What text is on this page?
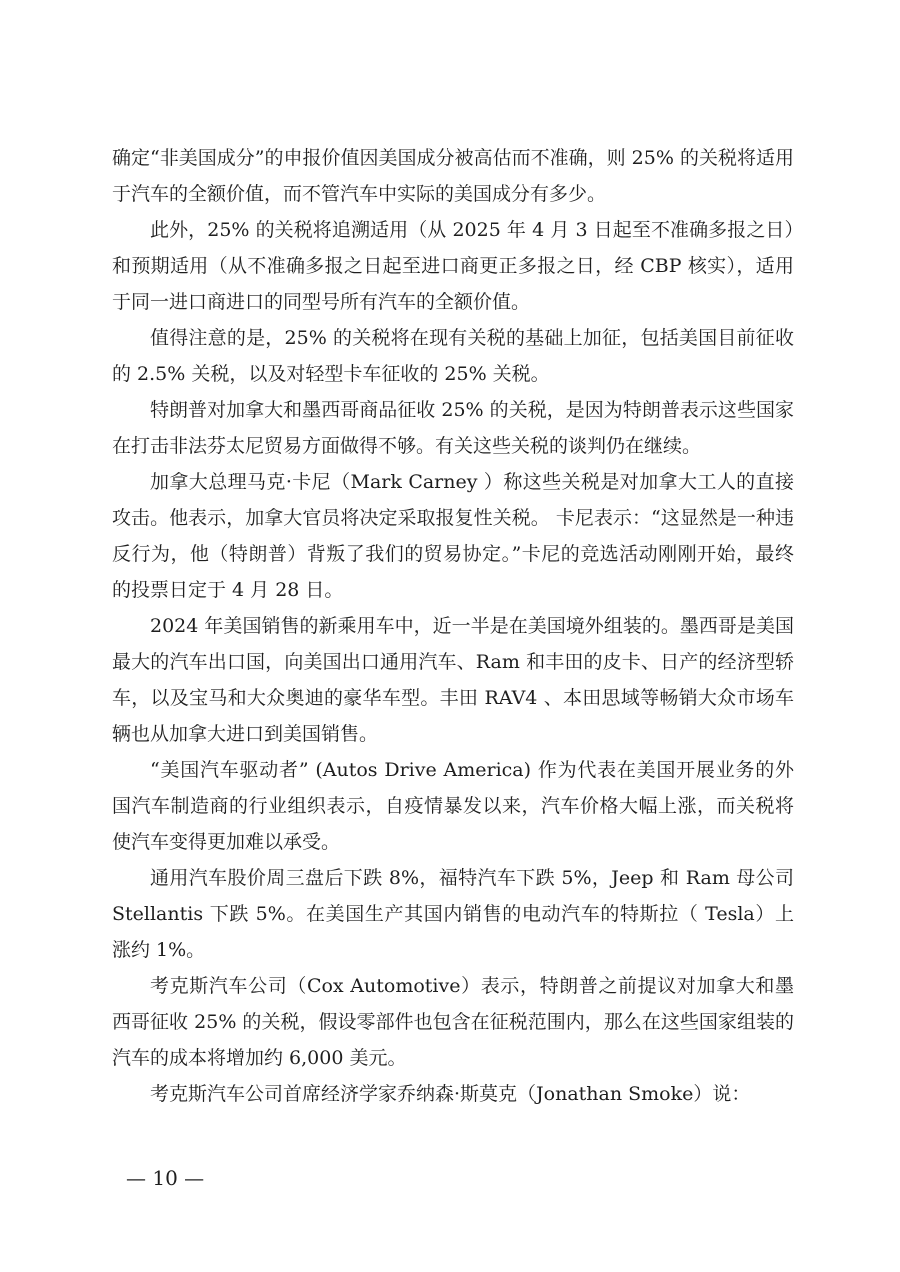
确定“非美国成分”的申报价值因美国成分被高估而不准确，则 25% 的关税将适用于汽车的全额价值，而不管汽车中实际的美国成分有多少。

此外，25% 的关税将追溯适用（从 2025 年 4 月 3 日起至不准确多报之日）和预期适用（从不准确多报之日起至进口商更正多报之日，经 CBP 核实），适用于同一进口商进口的同型号所有汽车的全额价值。

值得注意的是，25% 的关税将在现有关税的基础上加征，包括美国目前征收的 2.5% 关税，以及对轻型卡车征收的 25% 关税。

特朗普对加拿大和墨西哥商品征收 25% 的关税，是因为特朗普表示这些国家在打击非法芬太尼贸易方面做得不够。有关这些关税的谈判仍在继续。

加拿大总理马克·卡尼（Mark Carney ）称这些关税是对加拿大工人的直接攻击。他表示，加拿大官员将决定采取报复性关税。 卡尼表示：“这显然是一种违反行为，他（特朗普）背叛了我们的贸易协定。”卡尼的竞选活动刚刚开始，最终的投票日定于 4 月 28 日。

2024 年美国销售的新乘用车中，近一半是在美国境外组装的。墨西哥是美国最大的汽车出口国，向美国出口通用汽车、Ram 和丰田的皮卡、日产的经济型轿车，以及宝马和大众奥迪的豪华车型。丰田 RAV4 、本田思域等畅销大众市场车辆也从加拿大进口到美国销售。

“美国汽车驱动者” (Autos Drive America) 作为代表在美国开展业务的外国汽车制造商的行业组织表示，自疫情暴发以来，汽车价格大幅上涨，而关税将使汽车变得更加难以承受。

通用汽车股价周三盘后下跌 8%，福特汽车下跌 5%，Jeep 和 Ram 母公司 Stellantis 下跌 5%。在美国生产其国内销售的电动汽车的特斯拉（ Tesla）上涨约 1%。

考克斯汽车公司（Cox Automotive）表示，特朗普之前提议对加拿大和墨西哥征收 25% 的关税，假设零部件也包含在征税范围内，那么在这些国家组装的汽车的成本将增加约 6,000 美元。

考克斯汽车公司首席经济学家乔纳森·斯莫克（Jonathan Smoke）说：

— 10 —
